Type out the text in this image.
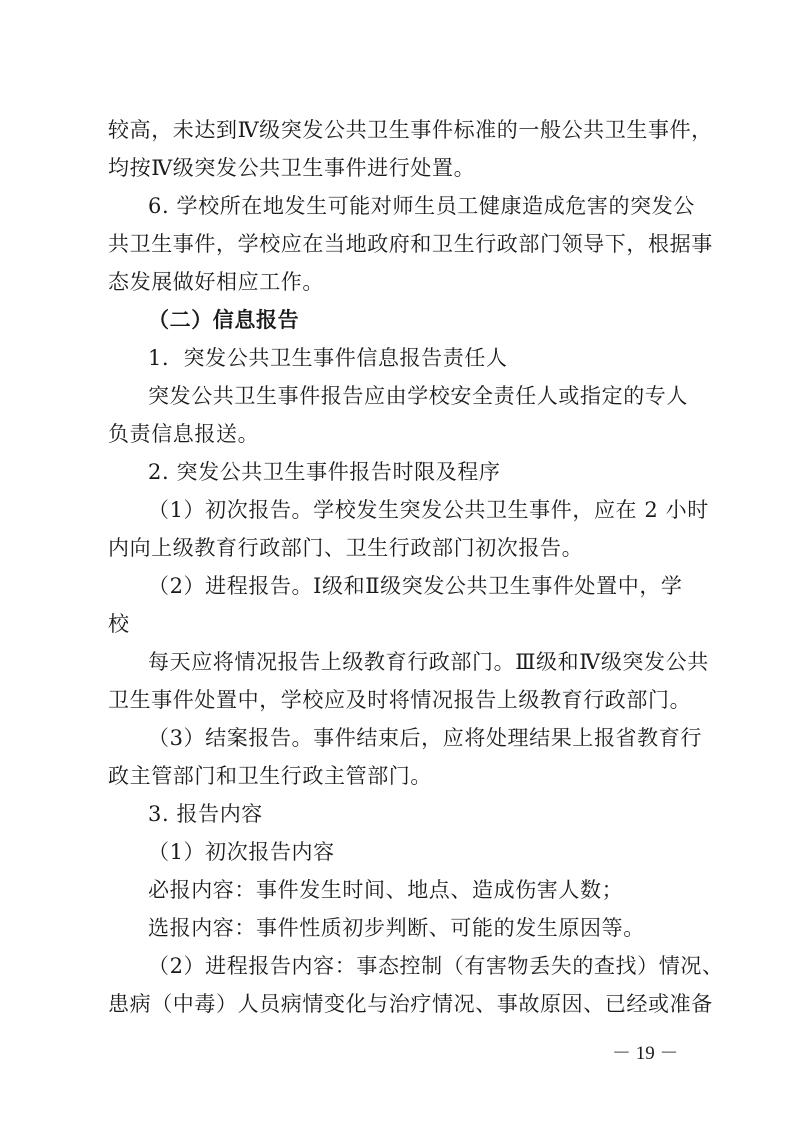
较高，未达到Ⅳ级突发公共卫生事件标准的一般公共卫生事件，
均按Ⅳ级突发公共卫生事件进行处置。
6. 学校所在地发生可能对师生员工健康造成危害的突发公
共卫生事件，学校应在当地政府和卫生行政部门领导下，根据事
态发展做好相应工作。
（二）信息报告
1．突发公共卫生事件信息报告责任人
突发公共卫生事件报告应由学校安全责任人或指定的专人
负责信息报送。
2. 突发公共卫生事件报告时限及程序
（1）初次报告。学校发生突发公共卫生事件，应在 2 小时
内向上级教育行政部门、卫生行政部门初次报告。
（2）进程报告。Ⅰ级和Ⅱ级突发公共卫生事件处置中，学
校
每天应将情况报告上级教育行政部门。Ⅲ级和Ⅳ级突发公共
卫生事件处置中，学校应及时将情况报告上级教育行政部门。
（3）结案报告。事件结束后，应将处理结果上报省教育行
政主管部门和卫生行政主管部门。
3. 报告内容
（1）初次报告内容
必报内容：事件发生时间、地点、造成伤害人数；
选报内容：事件性质初步判断、可能的发生原因等。
（2）进程报告内容：事态控制（有害物丢失的查找）情况、
患病（中毒）人员病情变化与治疗情况、事故原因、已经或准备
－ 19 －
